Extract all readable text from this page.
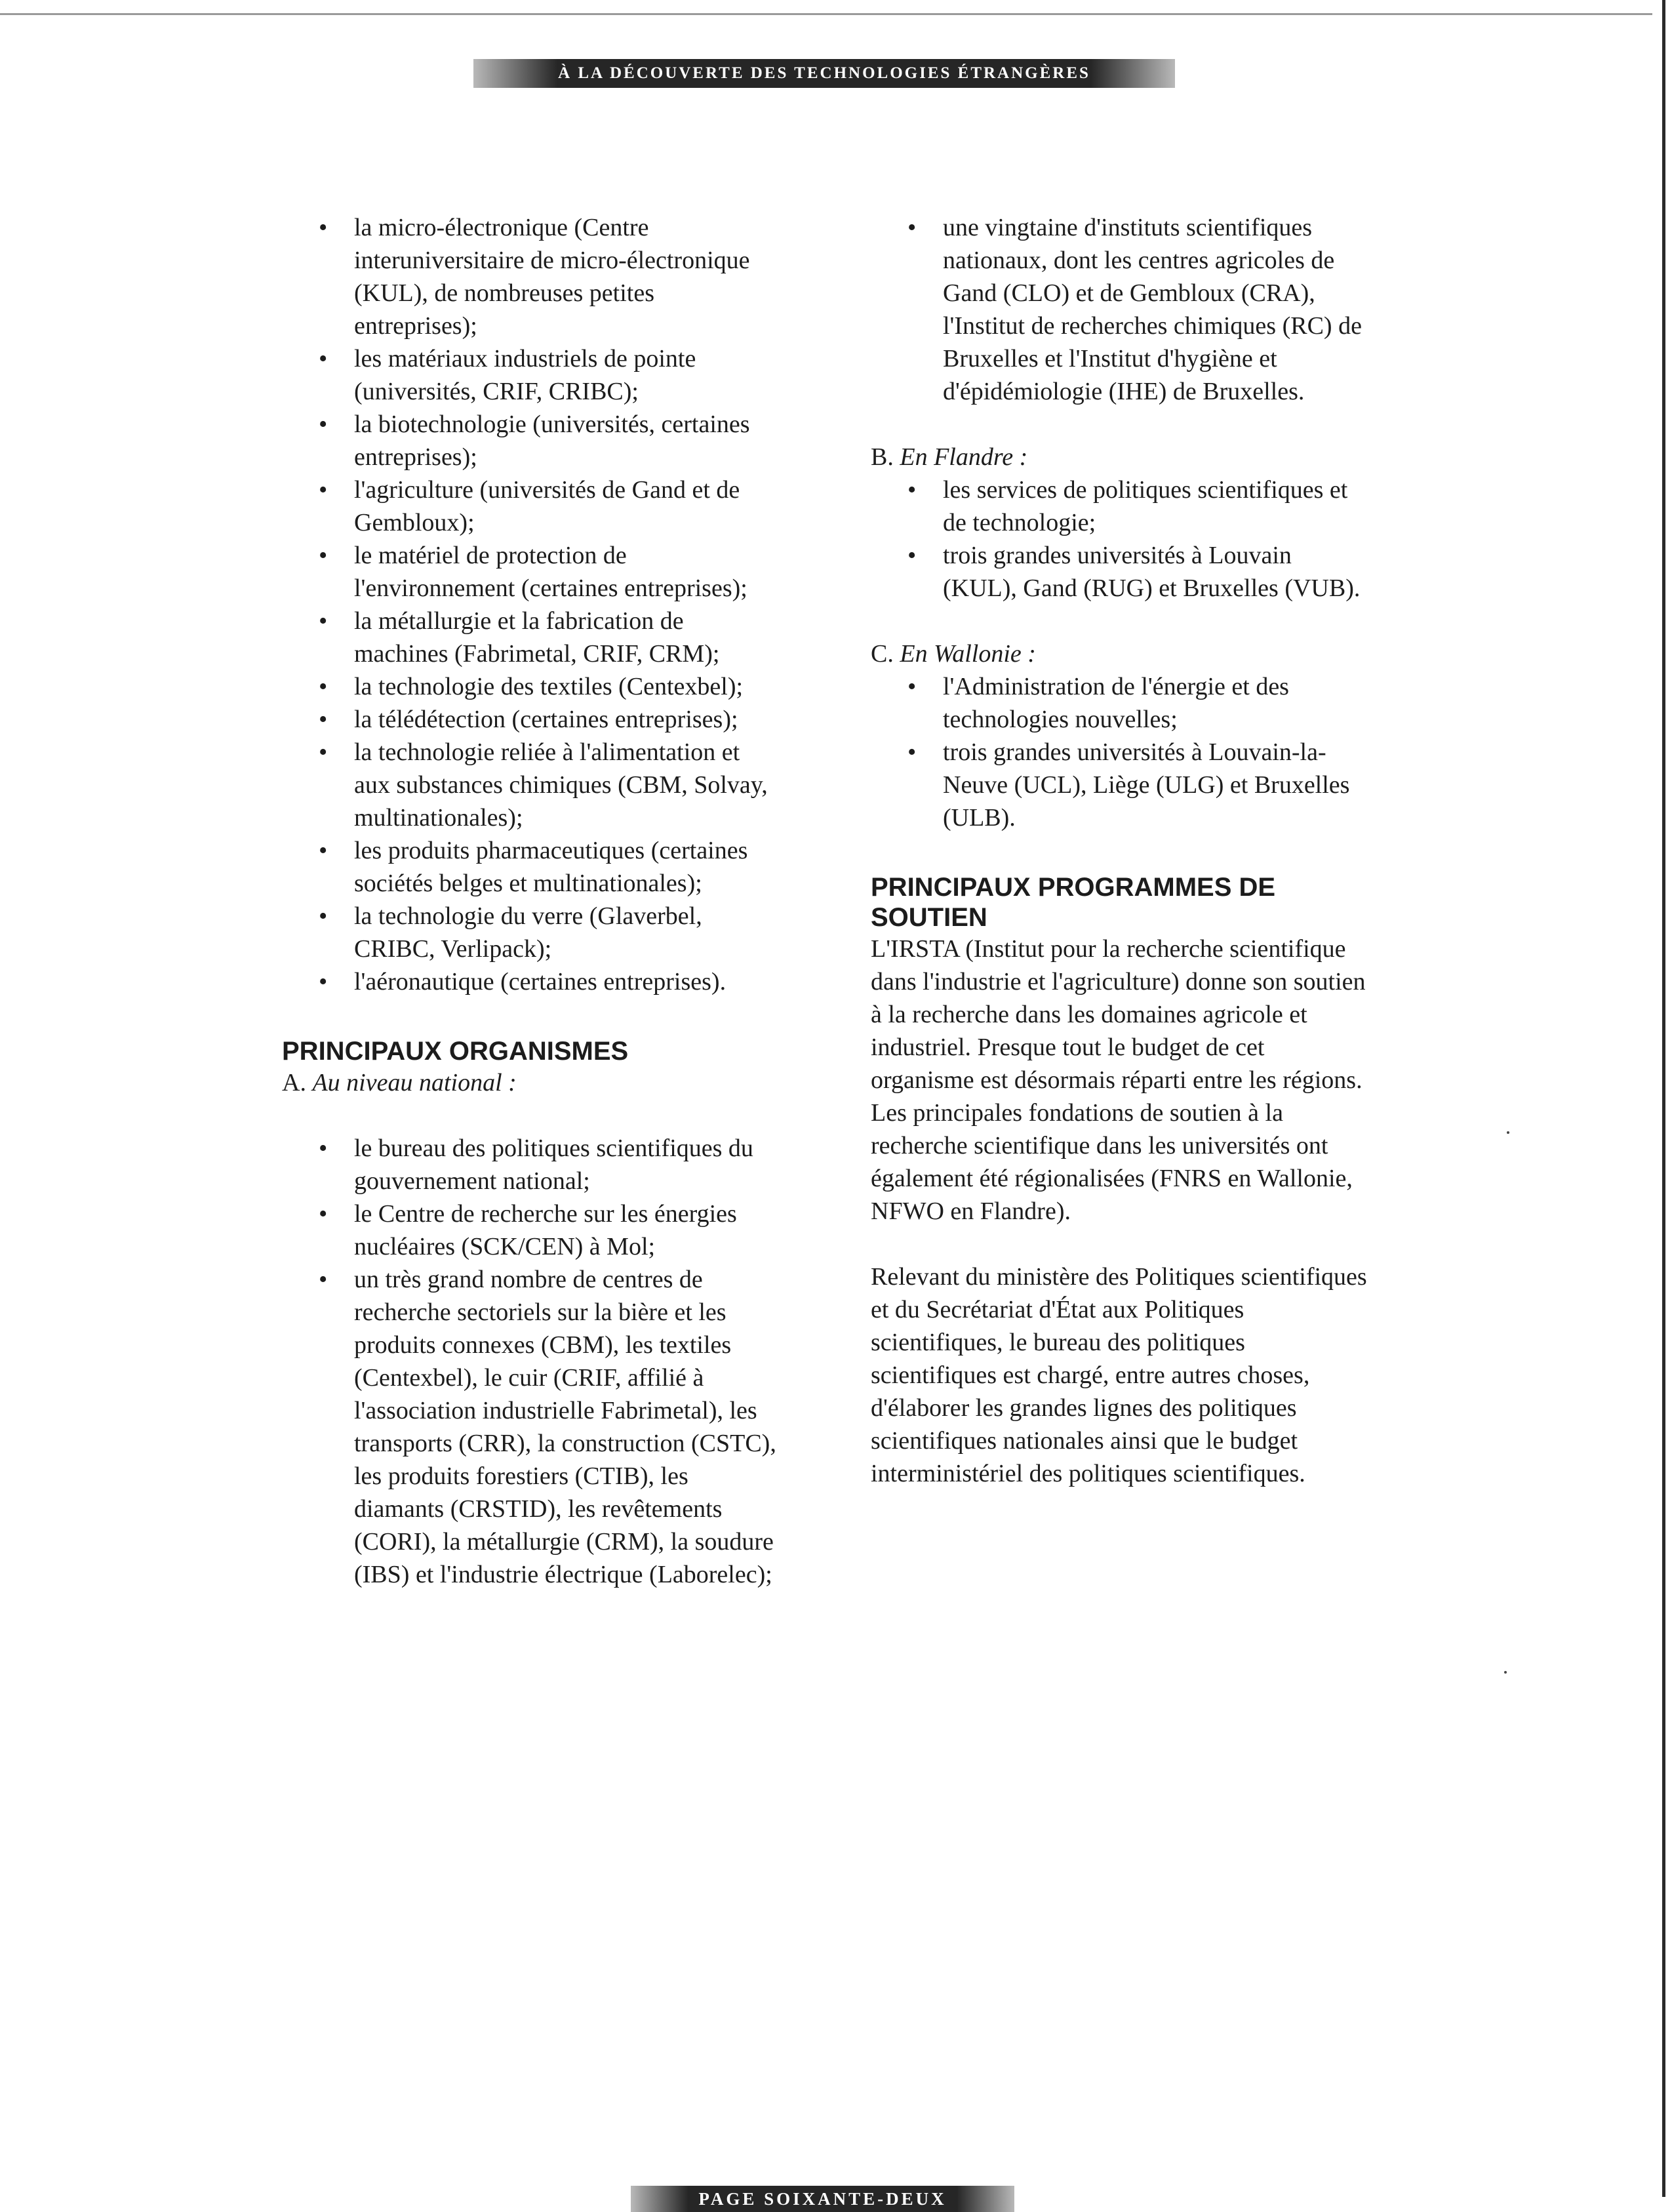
À LA DÉCOUVERTE DES TECHNOLOGIES ÉTRANGÈRES
• la micro-électronique (Centre interuniversitaire de micro-électronique (KUL), de nombreuses petites entreprises);
• les matériaux industriels de pointe (universités, CRIF, CRIBC);
• la biotechnologie (universités, certaines entreprises);
• l'agriculture (universités de Gand et de Gembloux);
• le matériel de protection de l'environnement (certaines entreprises);
• la métallurgie et la fabrication de machines (Fabrimetal, CRIF, CRM);
• la technologie des textiles (Centexbel);
• la télédétection (certaines entreprises);
• la technologie reliée à l'alimentation et aux substances chimiques (CBM, Solvay, multinationales);
• les produits pharmaceutiques (certaines sociétés belges et multinationales);
• la technologie du verre (Glaverbel, CRIBC, Verlipack);
• l'aéronautique (certaines entreprises).
PRINCIPAUX ORGANISMES

A. Au niveau national :

• le bureau des politiques scientifiques du gouvernement national;
• le Centre de recherche sur les énergies nucléaires (SCK/CEN) à Mol;
• un très grand nombre de centres de recherche sectoriels sur la bière et les produits connexes (CBM), les textiles (Centexbel), le cuir (CRIF, affilié à l'association industrielle Fabrimetal), les transports (CRR), la construction (CSTC), les produits forestiers (CTIB), les diamants (CRSTID), les revêtements (CORI), la métallurgie (CRM), la soudure (IBS) et l'industrie électrique (Laborelec);
• une vingtaine d'instituts scientifiques nationaux, dont les centres agricoles de Gand (CLO) et de Gembloux (CRA), l'Institut de recherches chimiques (RC) de Bruxelles et l'Institut d'hygiène et d'épidémiologie (IHE) de Bruxelles.

B. En Flandre :

• les services de politiques scientifiques et de technologie;
• trois grandes universités à Louvain (KUL), Gand (RUG) et Bruxelles (VUB).

C. En Wallonie :

• l'Administration de l'énergie et des technologies nouvelles;
• trois grandes universités à Louvain-la-Neuve (UCL), Liège (ULG) et Bruxelles (ULB).
PRINCIPAUX PROGRAMMES DE SOUTIEN

L'IRSTA (Institut pour la recherche scientifique dans l'industrie et l'agriculture) donne son soutien à la recherche dans les domaines agricole et industriel. Presque tout le budget de cet organisme est désormais réparti entre les régions. Les principales fondations de soutien à la recherche scientifique dans les universités ont également été régionalisées (FNRS en Wallonie, NFWO en Flandre).

Relevant du ministère des Politiques scientifiques et du Secrétariat d'État aux Politiques scientifiques, le bureau des politiques scientifiques est chargé, entre autres choses, d'élaborer les grandes lignes des politiques scientifiques nationales ainsi que le budget interministériel des politiques scientifiques.

PAGE SOIXANTE-DEUX
